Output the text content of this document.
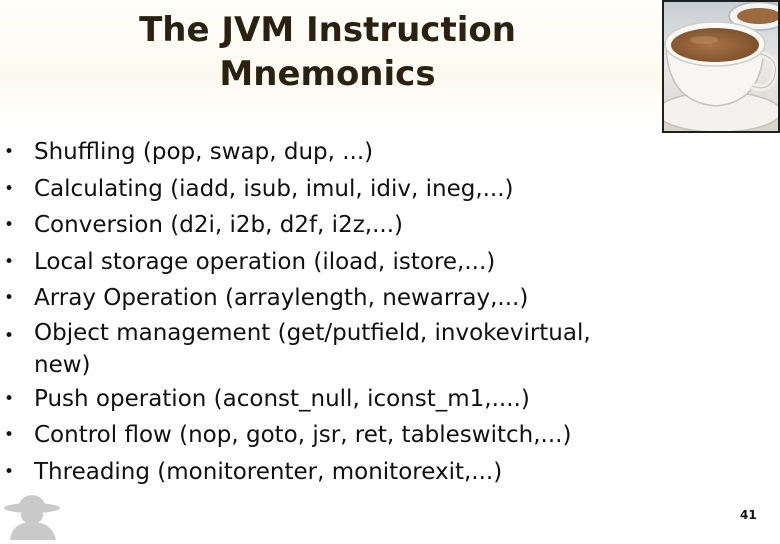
The JVM Instruction
Mnemonics
• Shuffling (pop, swap, dup, ...)
• Calculating (iadd, isub, imul, idiv, ineg,...)
• Conversion (d2i, i2b, d2f, i2z,...)
• Local storage operation (iload, istore,...)
• Array Operation (arraylength, newarray,...)
• Object management (get/putfield, invokevirtual, new)
• Push operation (aconst_null, iconst_m1,....)
• Control flow (nop, goto, jsr, ret, tableswitch,...)
• Threading (monitorenter, monitorexit,...)
41
